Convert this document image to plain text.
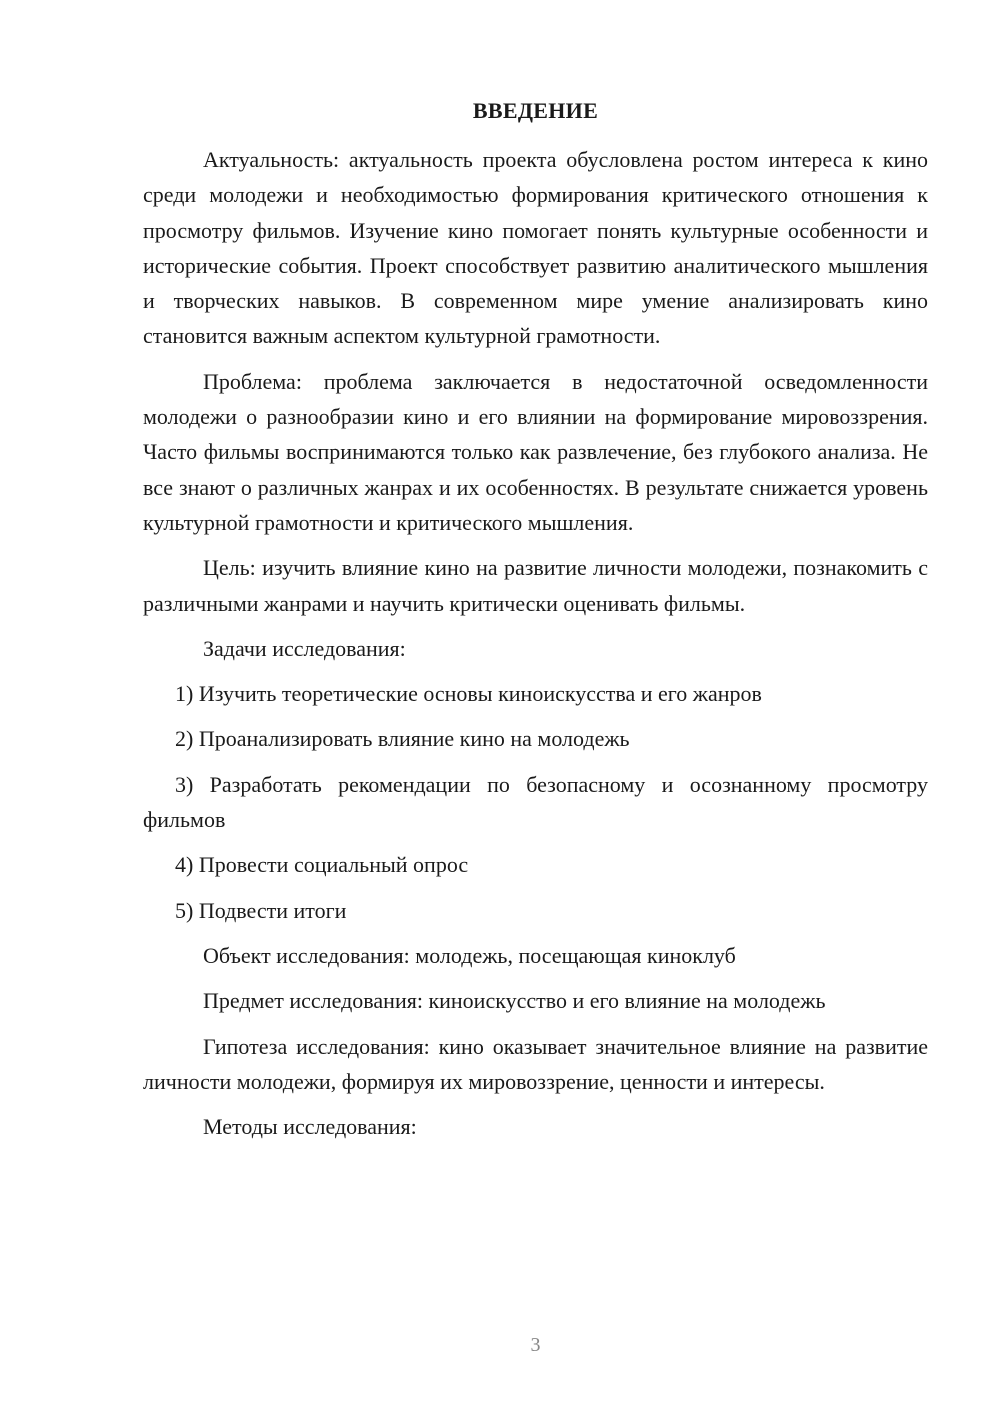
ВВЕДЕНИЕ

Актуальность: актуальность проекта обусловлена ростом интереса к кино среди молодежи и необходимостью формирования критического отношения к просмотру фильмов. Изучение кино помогает понять культурные особенности и исторические события. Проект способствует развитию аналитического мышления и творческих навыков. В современном мире умение анализировать кино становится важным аспектом культурной грамотности.

Проблема: проблема заключается в недостаточной осведомленности молодежи о разнообразии кино и его влиянии на формирование мировоззрения. Часто фильмы воспринимаются только как развлечение, без глубокого анализа. Не все знают о различных жанрах и их особенностях. В результате снижается уровень культурной грамотности и критического мышления.

Цель: изучить влияние кино на развитие личности молодежи, познакомить с различными жанрами и научить критически оценивать фильмы.

Задачи исследования:

1) Изучить теоретические основы киноискусства и его жанров

2) Проанализировать влияние кино на молодежь

3) Разработать рекомендации по безопасному и осознанному просмотру фильмов

4) Провести социальный опрос

5) Подвести итоги

Объект исследования: молодежь, посещающая киноклуб

Предмет исследования: киноискусство и его влияние на молодежь

Гипотеза исследования: кино оказывает значительное влияние на развитие личности молодежи, формируя их мировоззрение, ценности и интересы.

Методы исследования:

3
